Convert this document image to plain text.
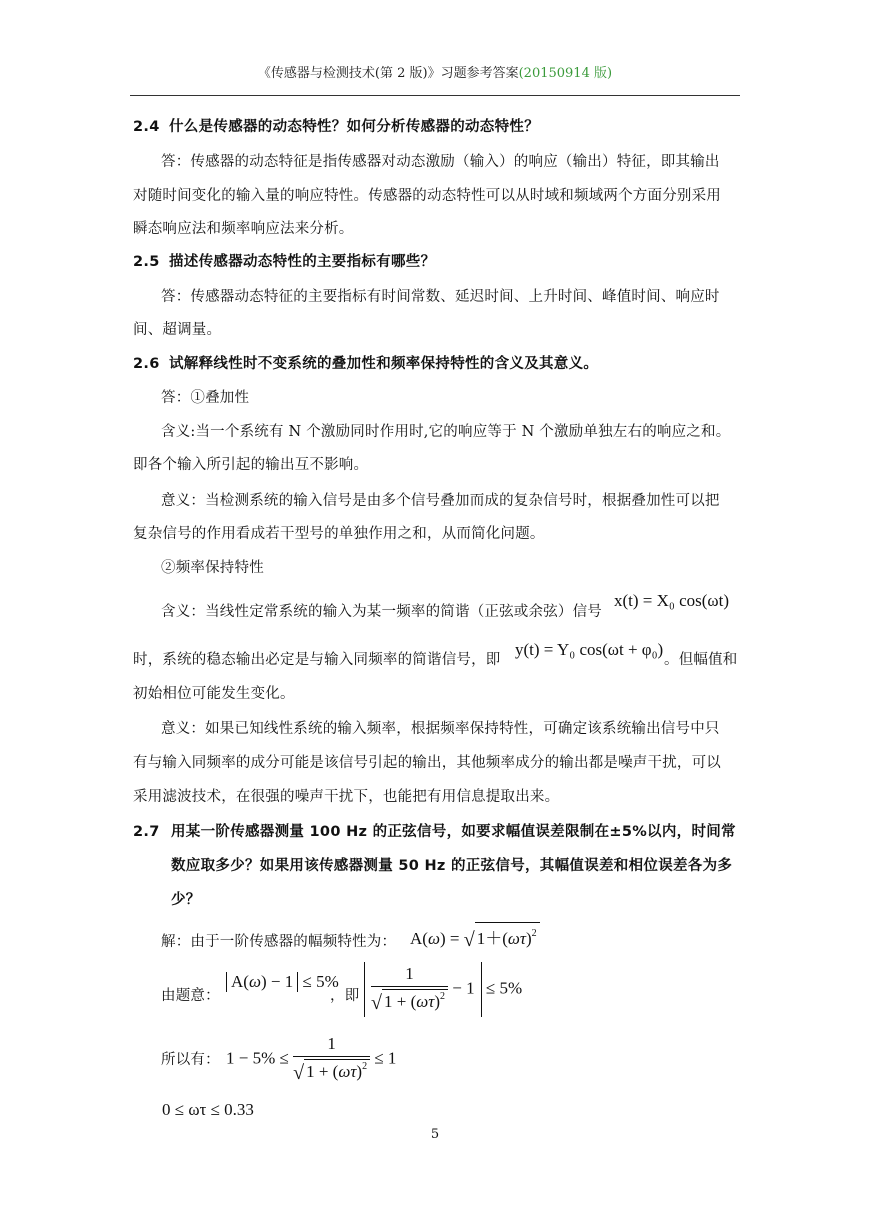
《传感器与检测技术(第 2 版)》习题参考答案(20150914 版)
2.4 什么是传感器的动态特性？如何分析传感器的动态特性？
答：传感器的动态特征是指传感器对动态激励（输入）的响应（输出）特征，即其输出
对随时间变化的输入量的响应特性。传感器的动态特性可以从时域和频域两个方面分别采用
瞬态响应法和频率响应法来分析。
2.5 描述传感器动态特性的主要指标有哪些？
答：传感器动态特征的主要指标有时间常数、延迟时间、上升时间、峰值时间、响应时
间、超调量。
2.6 试解释线性时不变系统的叠加性和频率保持特性的含义及其意义。
答：①叠加性
含义:当一个系统有 N 个激励同时作用时,它的响应等于 N 个激励单独左右的响应之和。
即各个输入所引起的输出互不影响。
意义：当检测系统的输入信号是由多个信号叠加而成的复杂信号时，根据叠加性可以把
复杂信号的作用看成若干型号的单独作用之和，从而简化问题。
②频率保持特性
含义：当线性定常系统的输入为某一频率的简谐（正弦或余弦）信号
x(t) = X₀ cos(ωt)
时，系统的稳态输出必定是与输入同频率的简谐信号，即
y(t) = Y₀ cos(ωt + φ₀)
。但幅值和
初始相位可能发生变化。
意义：如果已知线性系统的输入频率，根据频率保持特性，可确定该系统输出信号中只
有与输入同频率的成分可能是该信号引起的输出，其他频率成分的输出都是噪声干扰，可以
采用滤波技术，在很强的噪声干扰下，也能把有用信息提取出来。
2.7 用某一阶传感器测量 100 Hz 的正弦信号，如要求幅值误差限制在±5%以内，时间常
数应取多少？如果用该传感器测量 50 Hz 的正弦信号，其幅值误差和相位误差各为多
少？
解：由于一阶传感器的幅频特性为： A(ω) = √ $1+(\omega\tau)^2$
由题意：
A(ω) − 1 ≤ 5%
，即 $\frac{1}{√ 1 + (\omega\tau)^2} - 1 \le 5\%$
所以有： $1 - 5\% \le \frac{1}{√ 1 + (\omega\tau)^2} \le 1$
0 ≤ ωτ ≤ 0.33
5
